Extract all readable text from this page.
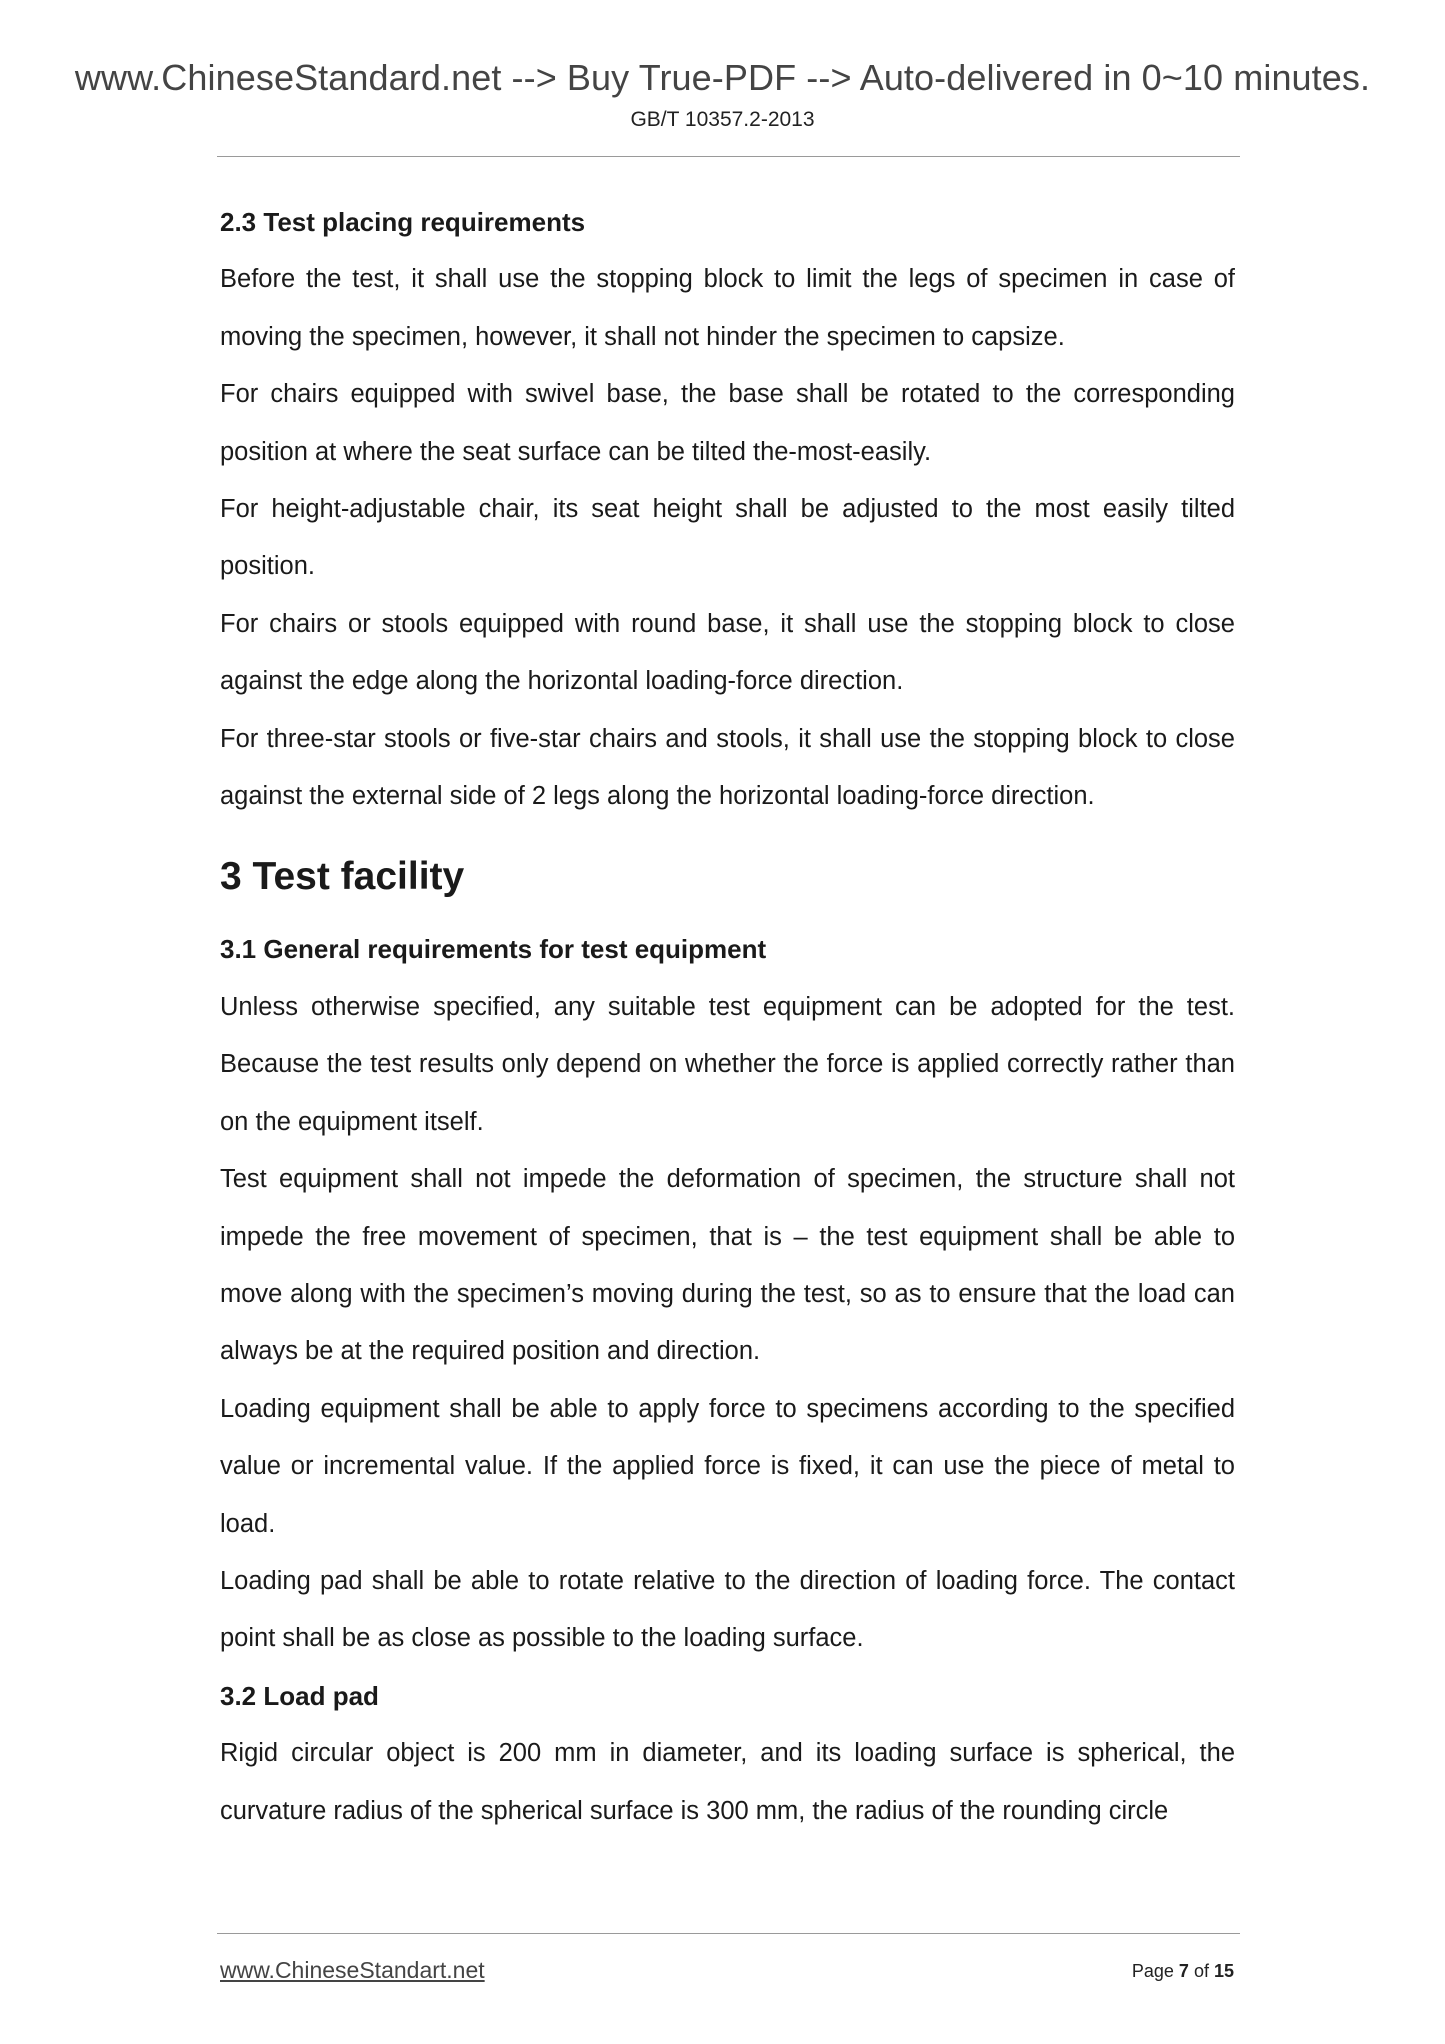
www.ChineseStandard.net --> Buy True-PDF --> Auto-delivered in 0~10 minutes.
GB/T 10357.2-2013
2.3 Test placing requirements

Before the test, it shall use the stopping block to limit the legs of specimen in case of moving the specimen, however, it shall not hinder the specimen to capsize.

For chairs equipped with swivel base, the base shall be rotated to the corresponding position at where the seat surface can be tilted the-most-easily.

For height-adjustable chair, its seat height shall be adjusted to the most easily tilted position.

For chairs or stools equipped with round base, it shall use the stopping block to close against the edge along the horizontal loading-force direction.

For three-star stools or five-star chairs and stools, it shall use the stopping block to close against the external side of 2 legs along the horizontal loading-force direction.

3 Test facility
3.1 General requirements for test equipment

Unless otherwise specified, any suitable test equipment can be adopted for the test. Because the test results only depend on whether the force is applied correctly rather than on the equipment itself.

Test equipment shall not impede the deformation of specimen, the structure shall not impede the free movement of specimen, that is – the test equipment shall be able to move along with the specimen’s moving during the test, so as to ensure that the load can always be at the required position and direction.

Loading equipment shall be able to apply force to specimens according to the specified value or incremental value. If the applied force is fixed, it can use the piece of metal to load.

Loading pad shall be able to rotate relative to the direction of loading force. The contact point shall be as close as possible to the loading surface.

3.2 Load pad

Rigid circular object is 200 mm in diameter, and its loading surface is spherical, the curvature radius of the spherical surface is 300 mm, the radius of the rounding circle

www.ChineseStandart.net	Page 7 of 15
